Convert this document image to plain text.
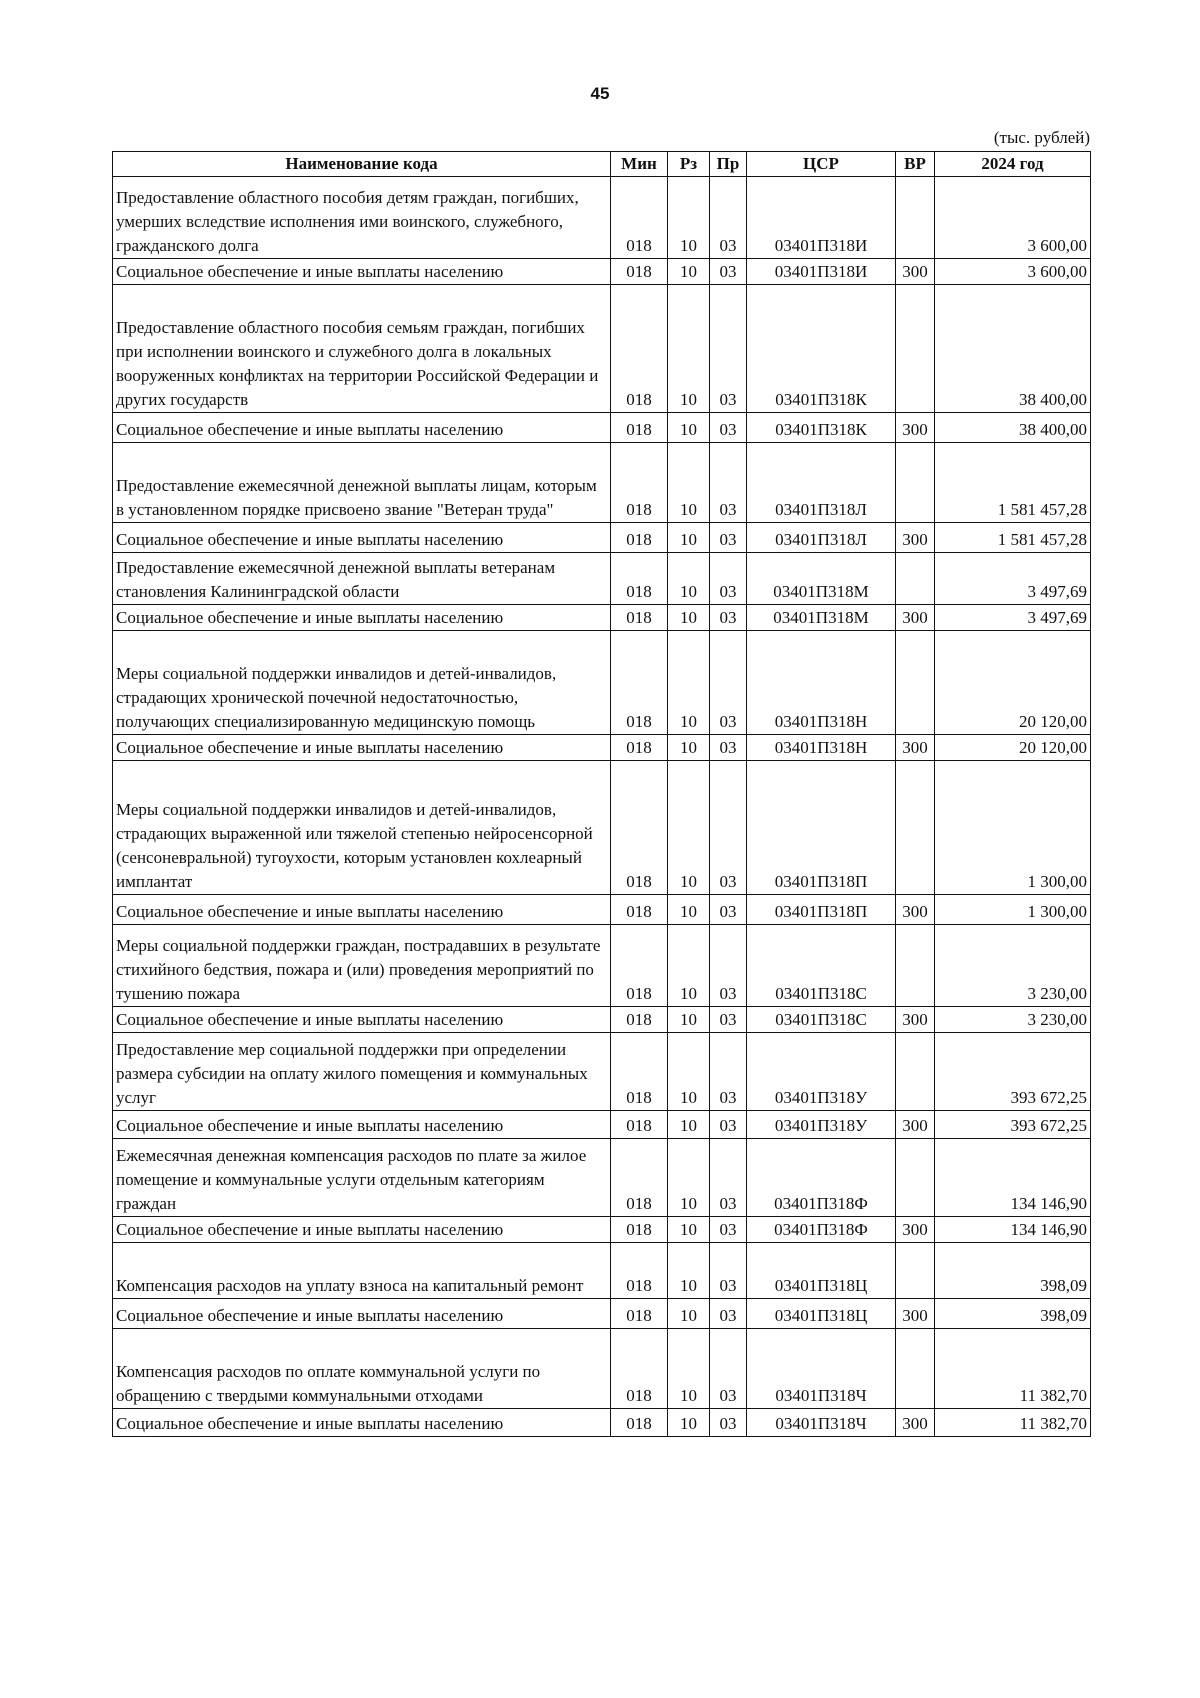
45
(тыс. рублей)
Наименование кода	Мин	Рз	Пр	ЦСР	ВР	2024 год
Предоставление областного пособия детям граждан, погибших, умерших вследствие исполнения ими воинского, служебного, гражданского долга	018	10	03	03401П318И		3 600,00
Социальное обеспечение и иные выплаты населению	018	10	03	03401П318И	300	3 600,00
Предоставление областного пособия семьям граждан, погибших при исполнении воинского и служебного долга в локальных вооруженных конфликтах на территории Российской Федерации и других государств	018	10	03	03401П318К		38 400,00
Социальное обеспечение и иные выплаты населению	018	10	03	03401П318К	300	38 400,00
Предоставление ежемесячной денежной выплаты лицам, которым в установленном порядке присвоено звание "Ветеран труда"	018	10	03	03401П318Л		1 581 457,28
Социальное обеспечение и иные выплаты населению	018	10	03	03401П318Л	300	1 581 457,28
Предоставление ежемесячной денежной выплаты ветеранам становления Калининградской области	018	10	03	03401П318М		3 497,69
Социальное обеспечение и иные выплаты населению	018	10	03	03401П318М	300	3 497,69
Меры социальной поддержки инвалидов и детей-инвалидов, страдающих хронической почечной недостаточностью, получающих специализированную медицинскую помощь	018	10	03	03401П318Н		20 120,00
Социальное обеспечение и иные выплаты населению	018	10	03	03401П318Н	300	20 120,00
Меры социальной поддержки инвалидов и детей-инвалидов, страдающих выраженной или тяжелой степенью нейросенсорной (сенсоневральной) тугоухости, которым установлен кохлеарный имплантат	018	10	03	03401П318П		1 300,00
Социальное обеспечение и иные выплаты населению	018	10	03	03401П318П	300	1 300,00
Меры социальной поддержки граждан, пострадавших в результате стихийного бедствия, пожара и (или) проведения мероприятий по тушению пожара	018	10	03	03401П318С		3 230,00
Социальное обеспечение и иные выплаты населению	018	10	03	03401П318С	300	3 230,00
Предоставление мер социальной поддержки при определении размера субсидии на оплату жилого помещения и коммунальных услуг	018	10	03	03401П318У		393 672,25
Социальное обеспечение и иные выплаты населению	018	10	03	03401П318У	300	393 672,25
Ежемесячная денежная компенсация расходов по плате за жилое помещение и коммунальные услуги отдельным категориям граждан	018	10	03	03401П318Ф		134 146,90
Социальное обеспечение и иные выплаты населению	018	10	03	03401П318Ф	300	134 146,90
Компенсация расходов на уплату взноса на капитальный ремонт	018	10	03	03401П318Ц		398,09
Социальное обеспечение и иные выплаты населению	018	10	03	03401П318Ц	300	398,09
Компенсация расходов по оплате коммунальной услуги по обращению с твердыми коммунальными отходами	018	10	03	03401П318Ч		11 382,70
Социальное обеспечение и иные выплаты населению	018	10	03	03401П318Ч	300	11 382,70
